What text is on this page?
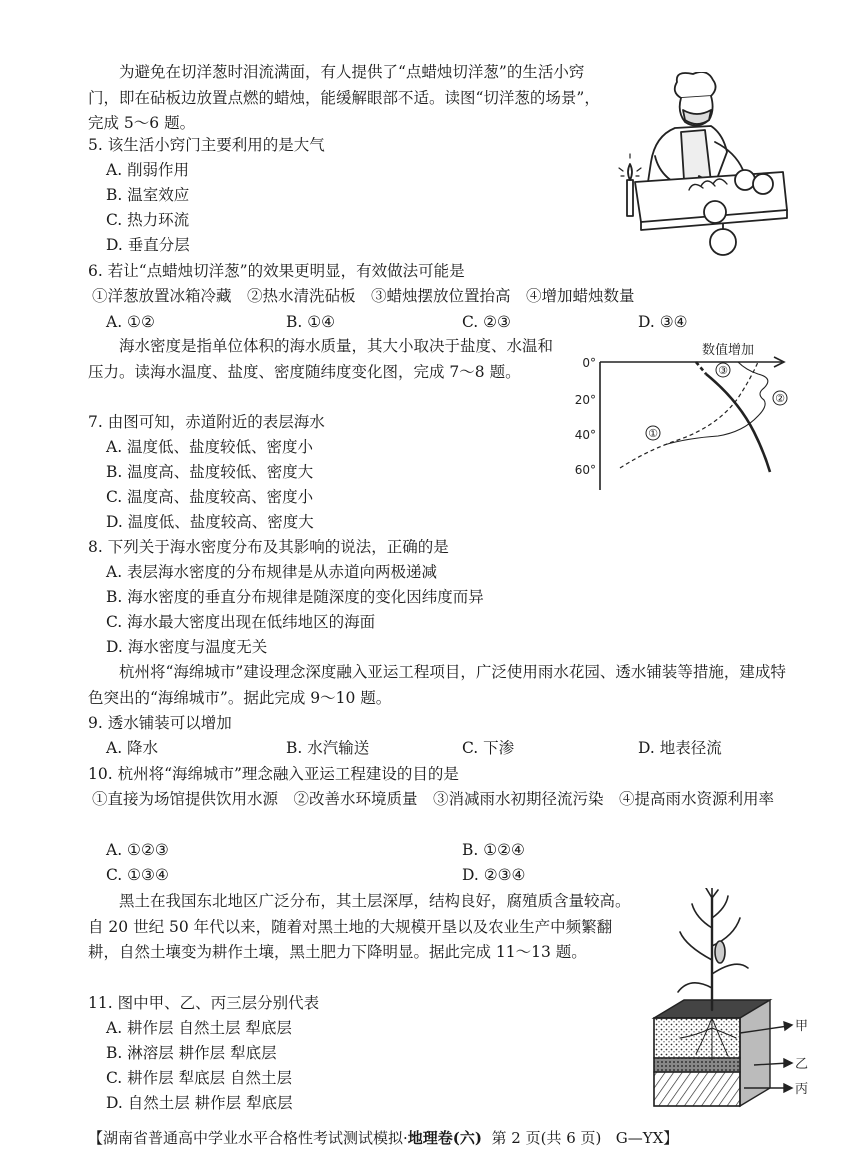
为避免在切洋葱时泪流满面，有人提供了“点蜡烛切洋葱”的生活小窍门，即在砧板边放置点燃的蜡烛，能缓解眼部不适。读图“切洋葱的场景”，完成 5～6 题。
5. 该生活小窍门主要利用的是大气
A. 削弱作用
B. 温室效应
C. 热力环流
D. 垂直分层
6. 若让“点蜡烛切洋葱”的效果更明显，有效做法可能是
①洋葱放置冰箱冷藏　②热水清洗砧板　③蜡烛摆放位置抬高　④增加蜡烛数量
A. ①②	B. ①④	C. ②③	D. ③④
海水密度是指单位体积的海水质量，其大小取决于盐度、水温和压力。读海水温度、盐度、密度随纬度变化图，完成 7～8 题。
数值增加
0°
20°
40°
60°
①
②
③
7. 由图可知，赤道附近的表层海水
A. 温度低、盐度较低、密度小
B. 温度高、盐度较低、密度大
C. 温度高、盐度较高、密度小
D. 温度低、盐度较高、密度大
8. 下列关于海水密度分布及其影响的说法，正确的是
A. 表层海水密度的分布规律是从赤道向两极递减
B. 海水密度的垂直分布规律是随深度的变化因纬度而异
C. 海水最大密度出现在低纬地区的海面
D. 海水密度与温度无关
杭州将“海绵城市”建设理念深度融入亚运工程项目，广泛使用雨水花园、透水铺装等措施，建成特色突出的“海绵城市”。据此完成 9～10 题。
9. 透水铺装可以增加
A. 降水	B. 水汽输送	C. 下渗	D. 地表径流
10. 杭州将“海绵城市”理念融入亚运工程建设的目的是
①直接为场馆提供饮用水源　②改善水环境质量　③消减雨水初期径流污染　④提高雨水资源利用率
A. ①②③	B. ①②④
C. ①③④	D. ②③④
黑土在我国东北地区广泛分布，其土层深厚，结构良好，腐殖质含量较高。自 20 世纪 50 年代以来，随着对黑土地的大规模开垦以及农业生产中频繁翻耕，自然土壤变为耕作土壤，黑土肥力下降明显。据此完成 11～13 题。
甲
乙
丙
11. 图中甲、乙、丙三层分别代表
A. 耕作层 自然土层 犁底层
B. 淋溶层 耕作层 犁底层
C. 耕作层 犁底层 自然土层
D. 自然土层 耕作层 犁底层
【湖南省普通高中学业水平合格性考试测试模拟·地理卷(六) 第 2 页(共 6 页) G—YX】
